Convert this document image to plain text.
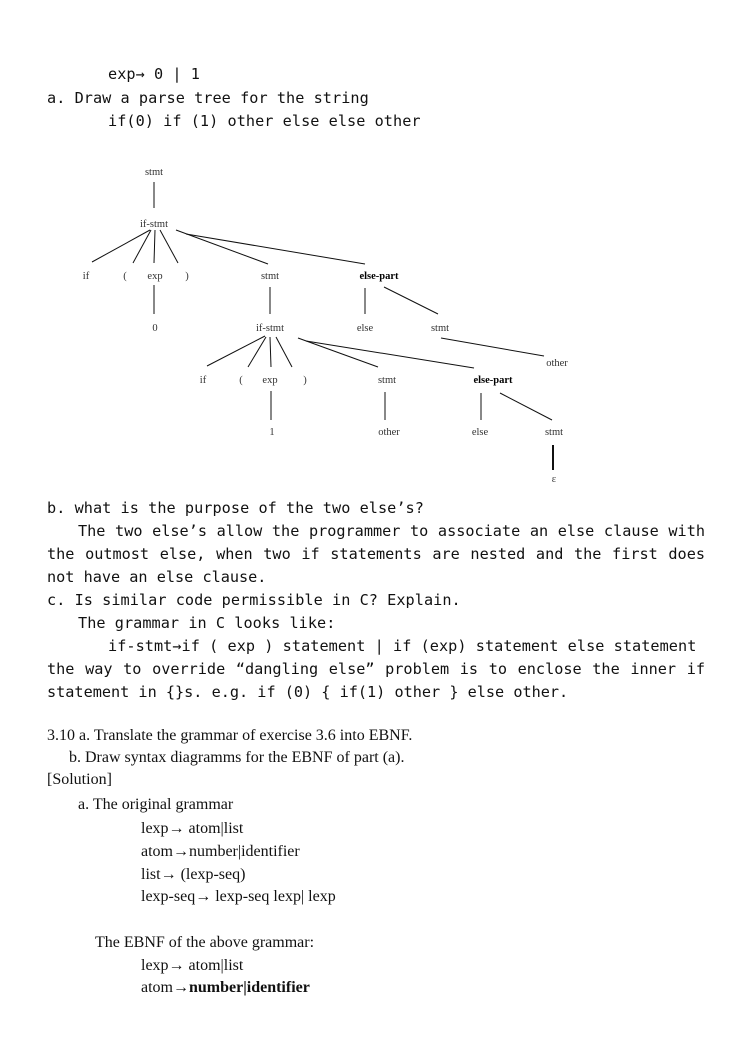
exp→ 0 | 1
a. Draw a parse tree for the string
if(0) if (1) other else else other
stmt
if-stmt
if	( exp )	stmt	else-part
0	if-stmt	else	stmt
other
if	( exp )	stmt	else-part
1	other	else	stmt
ε
b. what is the purpose of the two else’s?
The two else’s allow the programmer to associate an else clause with the outmost else, when two if statements are nested and the first does not have an else clause.
c. Is similar code permissible in C? Explain.
The grammar in C looks like:
if-stmt→if ( exp ) statement | if (exp) statement else statement
the way to override “dangling else” problem is to enclose the inner if statement in {}s. e.g. if (0) { if(1) other } else other.
3.10 a. Translate the grammar of exercise 3.6 into EBNF.
b. Draw syntax diagramms for the EBNF of part (a).
[Solution]
a. The original grammar
lexp→ atom|list
atom→number|identifier
list→ (lexp-seq)
lexp-seq→ lexp-seq lexp| lexp
The EBNF of the above grammar:
lexp→ atom|list
atom→number|identifier
